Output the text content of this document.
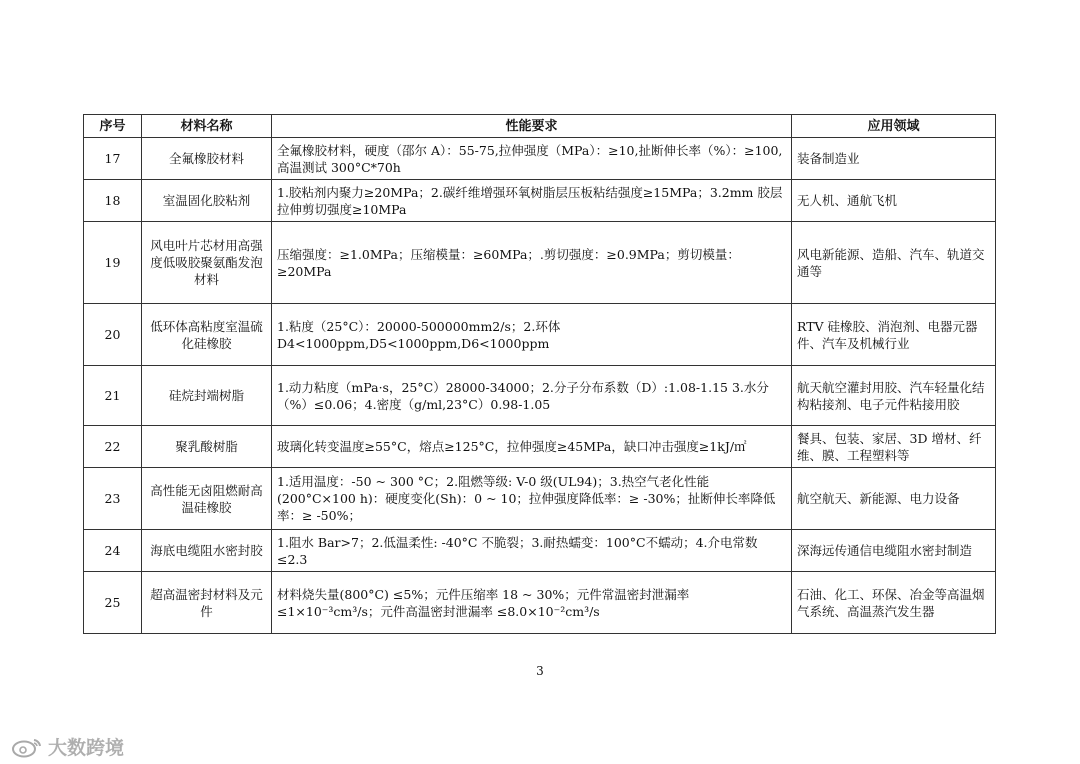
序号	材料名称	性能要求	应用领域
17	全氟橡胶材料	全氟橡胶材料，硬度（邵尔 A）：55-75,拉伸强度（MPa）：≥10,扯断伸长率（%）：≥100,高温测试 300°C*70h	装备制造业
18	室温固化胶粘剂	1.胶粘剂内聚力≥20MPa；2.碳纤维增强环氧树脂层压板粘结强度≥15MPa；3.2mm 胶层拉伸剪切强度≥10MPa	无人机、通航飞机
19	风电叶片芯材用高强度低吸胶聚氨酯发泡材料	压缩强度：≥1.0MPa；压缩模量：≥60MPa；.剪切强度：≥0.9MPa；剪切模量：≥20MPa	风电新能源、造船、汽车、轨道交通等
20	低环体高粘度室温硫化硅橡胶	1.粘度（25°C）：20000-500000mm2/s；2.环体 D4<1000ppm,D5<1000ppm,D6<1000ppm	RTV 硅橡胶、消泡剂、电器元器件、汽车及机械行业
21	硅烷封端树脂	1.动力粘度（mPa·s，25°C）28000-34000；2.分子分布系数（D）:1.08-1.15 3.水分（%）≤0.06；4.密度（g/ml,23°C）0.98-1.05	航天航空灌封用胶、汽车轻量化结构粘接剂、电子元件粘接用胶
22	聚乳酸树脂	玻璃化转变温度≥55°C，熔点≥125°C，拉伸强度≥45MPa，缺口冲击强度≥1kJ/㎡	餐具、包装、家居、3D 增材、纤维、膜、工程塑料等
23	高性能无卤阻燃耐高温硅橡胶	1.适用温度：-50 ~ 300 °C；2.阻燃等级: V-0 级(UL94)；3.热空气老化性能(200°C×100 h)：硬度变化(Sh)：0 ~ 10；拉伸强度降低率：≥ -30%；扯断伸长率降低率：≥ -50%；	航空航天、新能源、电力设备
24	海底电缆阻水密封胶	1.阻水 Bar>7；2.低温柔性: -40°C 不脆裂；3.耐热蠕变：100°C不蠕动；4.介电常数 ≤2.3	深海远传通信电缆阻水密封制造
25	超高温密封材料及元件	材料烧失量(800°C) ≤5%；元件压缩率 18 ~ 30%；元件常温密封泄漏率 ≤1×10⁻³cm³/s；元件高温密封泄漏率 ≤8.0×10⁻²cm³/s	石油、化工、环保、冶金等高温烟气系统、高温蒸汽发生器
3
大数跨境
